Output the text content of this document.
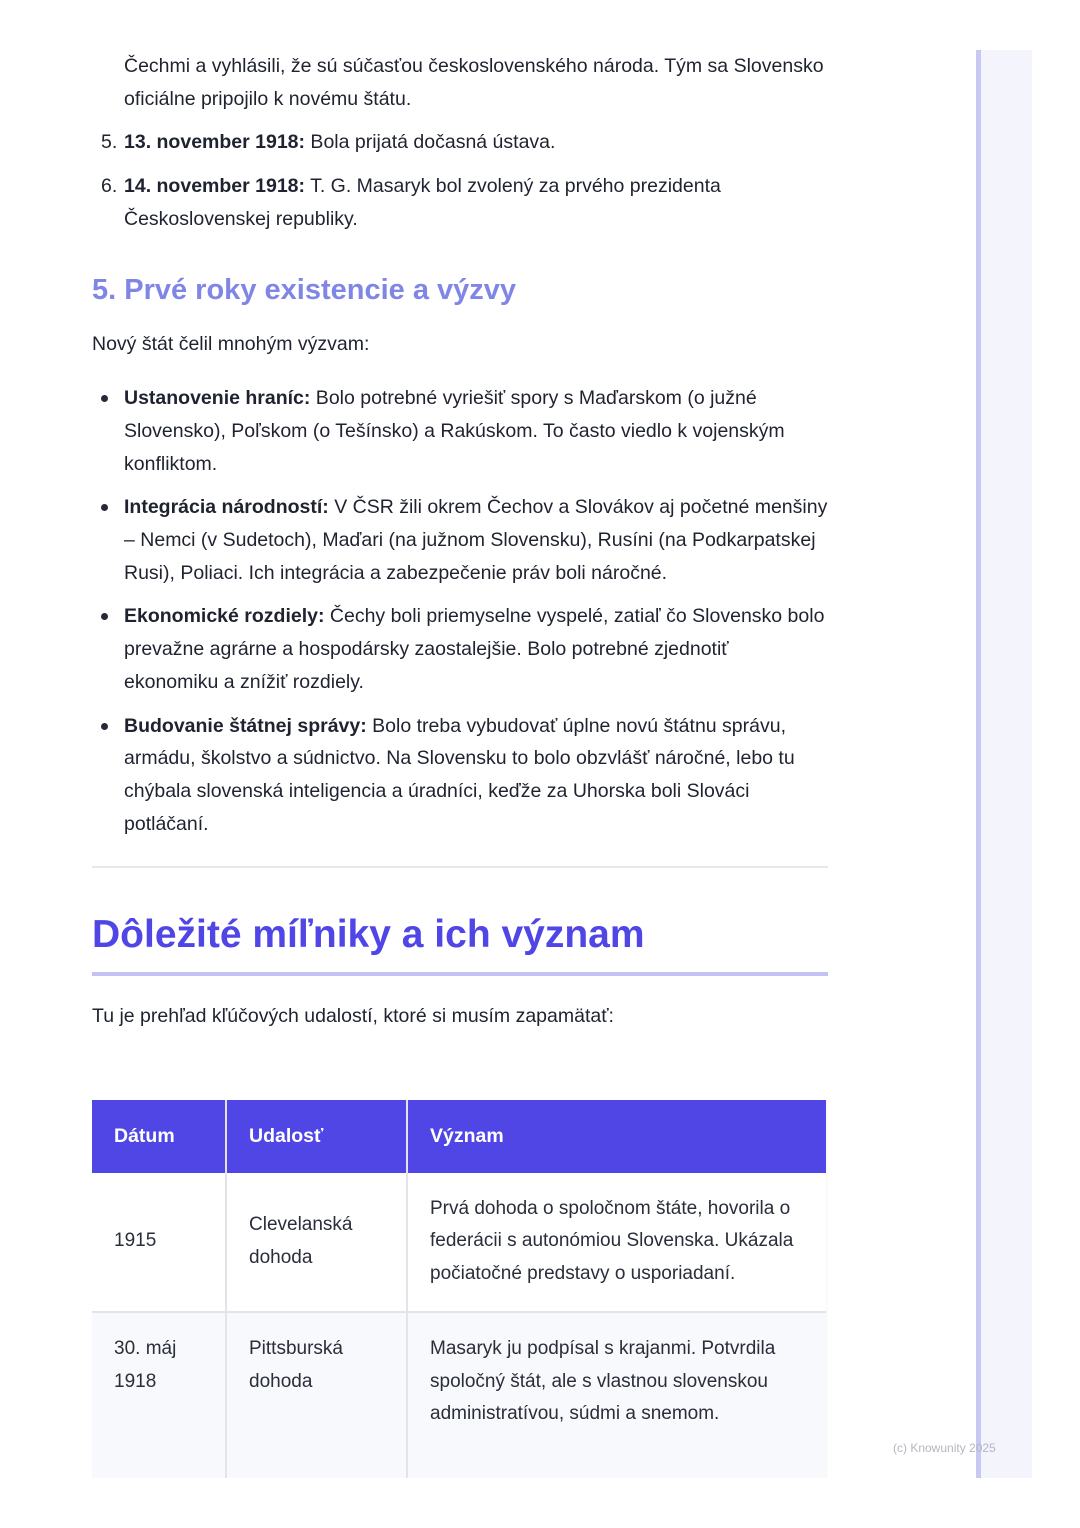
Čechmi a vyhlásili, že sú súčasťou československého národa. Tým sa Slovensko oficiálne pripojilo k novému štátu.
5. 13. november 1918: Bola prijatá dočasná ústava.
6. 14. november 1918: T. G. Masaryk bol zvolený za prvého prezidenta Československej republiky.
5. Prvé roky existencie a výzvy

Nový štát čelil mnohým výzvam:

Ustanovenie hraníc: Bolo potrebné vyriešiť spory s Maďarskom (o južné Slovensko), Poľskom (o Tešínsko) a Rakúskom. To často viedlo k vojenským konfliktom.
Integrácia národností: V ČSR žili okrem Čechov a Slovákov aj početné menšiny – Nemci (v Sudetoch), Maďari (na južnom Slovensku), Rusíni (na Podkarpatskej Rusi), Poliaci. Ich integrácia a zabezpečenie práv boli náročné.
Ekonomické rozdiely: Čechy boli priemyselne vyspelé, zatiaľ čo Slovensko bolo prevažne agrárne a hospodársky zaostalejšie. Bolo potrebné zjednotiť ekonomiku a znížiť rozdiely.
Budovanie štátnej správy: Bolo treba vybudovať úplne novú štátnu správu, armádu, školstvo a súdnictvo. Na Slovensku to bolo obzvlášť náročné, lebo tu chýbala slovenská inteligencia a úradníci, keďže za Uhorska boli Slováci potláčaní.
Dôležité míľniky a ich význam

Tu je prehľad kľúčových udalostí, ktoré si musím zapamätať:

Dátum	Udalosť	Význam
1915	Clevelanská dohoda	Prvá dohoda o spoločnom štáte, hovorila o federácii s autonómiou Slovenska. Ukázala počiatočné predstavy o usporiadaní.
30. máj 1918	Pittsburská dohoda	Masaryk ju podpísal s krajanmi. Potvrdila spoločný štát, ale s vlastnou slovenskou administratívou, súdmi a snemom.
(c) Knowunity 2025
